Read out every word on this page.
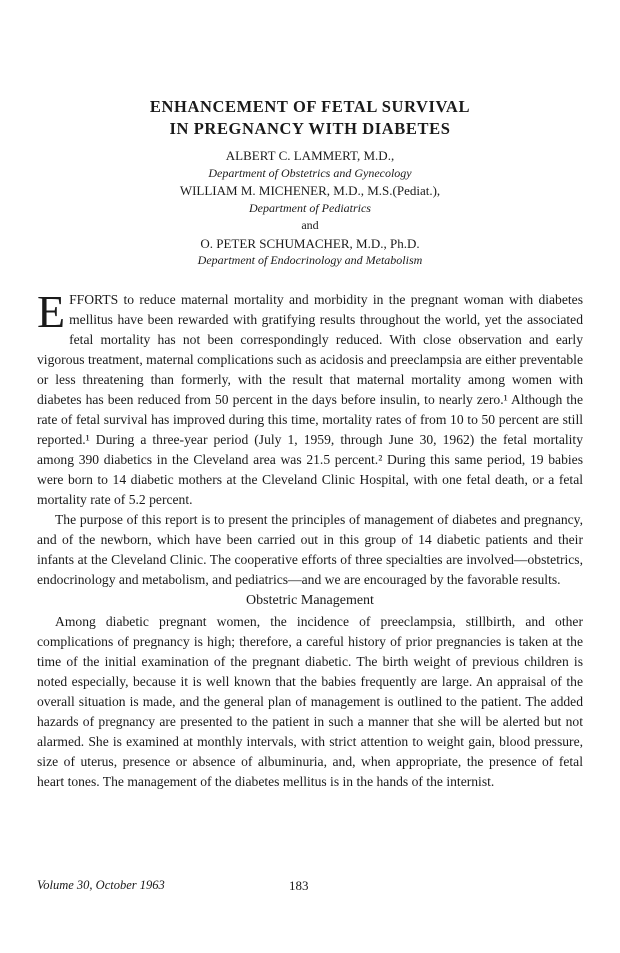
ENHANCEMENT OF FETAL SURVIVAL
IN PREGNANCY WITH DIABETES
ALBERT C. LAMMERT, M.D.,
Department of Obstetrics and Gynecology
WILLIAM M. MICHENER, M.D., M.S.(Pediat.),
Department of Pediatrics
and
O. PETER SCHUMACHER, M.D., Ph.D.
Department of Endocrinology and Metabolism

EFFORTS to reduce maternal mortality and morbidity in the pregnant woman with diabetes mellitus have been rewarded with gratifying results throughout the world, yet the associated fetal mortality has not been correspondingly reduced. With close observation and early vigorous treatment, maternal complications such as acidosis and preeclampsia are either preventable or less threatening than formerly, with the result that maternal mortality among women with diabetes has been reduced from 50 percent in the days before insulin, to nearly zero.¹ Although the rate of fetal survival has improved during this time, mortality rates of from 10 to 50 percent are still reported.¹ During a three-year period (July 1, 1959, through June 30, 1962) the fetal mortality among 390 diabetics in the Cleveland area was 21.5 percent.² During this same period, 19 babies were born to 14 diabetic mothers at the Cleveland Clinic Hospital, with one fetal death, or a fetal mortality rate of 5.2 percent.

The purpose of this report is to present the principles of management of diabetes and pregnancy, and of the newborn, which have been carried out in this group of 14 diabetic patients and their infants at the Cleveland Clinic. The cooperative efforts of three specialties are involved—obstetrics, endocrinology and metabolism, and pediatrics—and we are encouraged by the favorable results.

Obstetric Management

Among diabetic pregnant women, the incidence of preeclampsia, stillbirth, and other complications of pregnancy is high; therefore, a careful history of prior pregnancies is taken at the time of the initial examination of the pregnant diabetic. The birth weight of previous children is noted especially, because it is well known that the babies frequently are large. An appraisal of the overall situation is made, and the general plan of management is outlined to the patient. The added hazards of pregnancy are presented to the patient in such a manner that she will be alerted but not alarmed. She is examined at monthly intervals, with strict attention to weight gain, blood pressure, size of uterus, presence or absence of albuminuria, and, when appropriate, the presence of fetal heart tones. The management of the diabetes mellitus is in the hands of the internist.

Volume 30, October 1963	183
